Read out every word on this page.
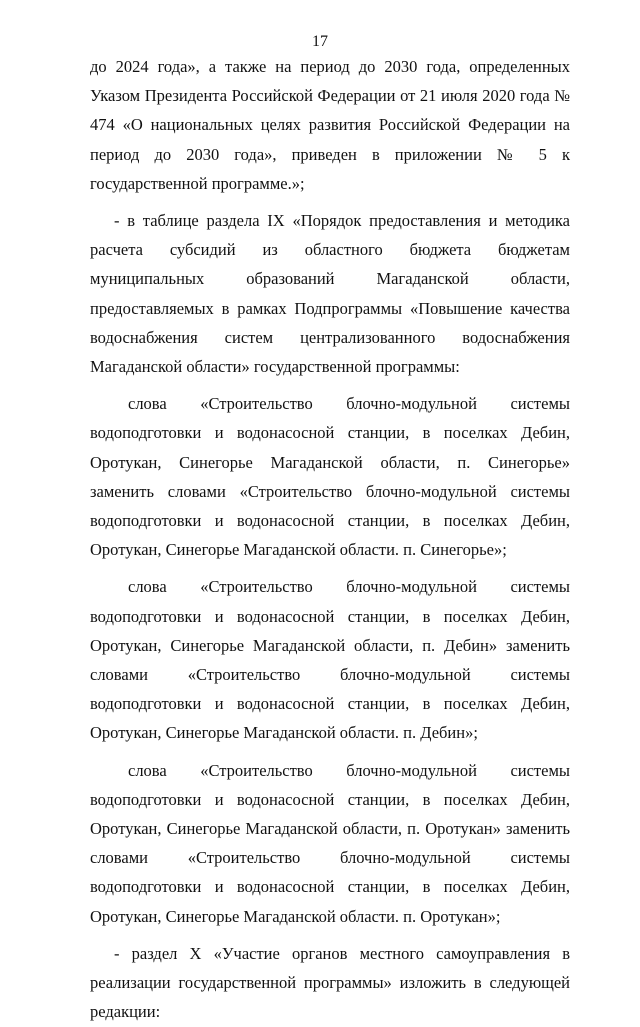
17

до 2024 года», а также на период до 2030 года, определенных Указом Президента Российской Федерации от 21 июля 2020 года № 474 «О национальных целях развития Российской Федерации на период до 2030 года», приведен в приложении № 5 к государственной программе.»;

- в таблице раздела IX «Порядок предоставления и методика расчета субсидий из областного бюджета бюджетам муниципальных образований Магаданской области, предоставляемых в рамках Подпрограммы «Повышение качества водоснабжения систем централизованного водоснабжения Магаданской области» государственной программы:

слова «Строительство блочно-модульной системы водоподготовки и водонасосной станции, в поселках Дебин, Оротукан, Синегорье Магаданской области, п. Синегорье» заменить словами «Строительство блочно-модульной системы водоподготовки и водонасосной станции, в поселках Дебин, Оротукан, Синегорье Магаданской области. п. Синегорье»;

слова «Строительство блочно-модульной системы водоподготовки и водонасосной станции, в поселках Дебин, Оротукан, Синегорье Магаданской области, п. Дебин» заменить словами «Строительство блочно-модульной системы водоподготовки и водонасосной станции, в поселках Дебин, Оротукан, Синегорье Магаданской области. п. Дебин»;

слова «Строительство блочно-модульной системы водоподготовки и водонасосной станции, в поселках Дебин, Оротукан, Синегорье Магаданской области, п. Оротукан» заменить словами «Строительство блочно-модульной системы водоподготовки и водонасосной станции, в поселках Дебин, Оротукан, Синегорье Магаданской области. п. Оротукан»;

- раздел X «Участие органов местного самоуправления в реализации государственной программы» изложить в следующей редакции:
